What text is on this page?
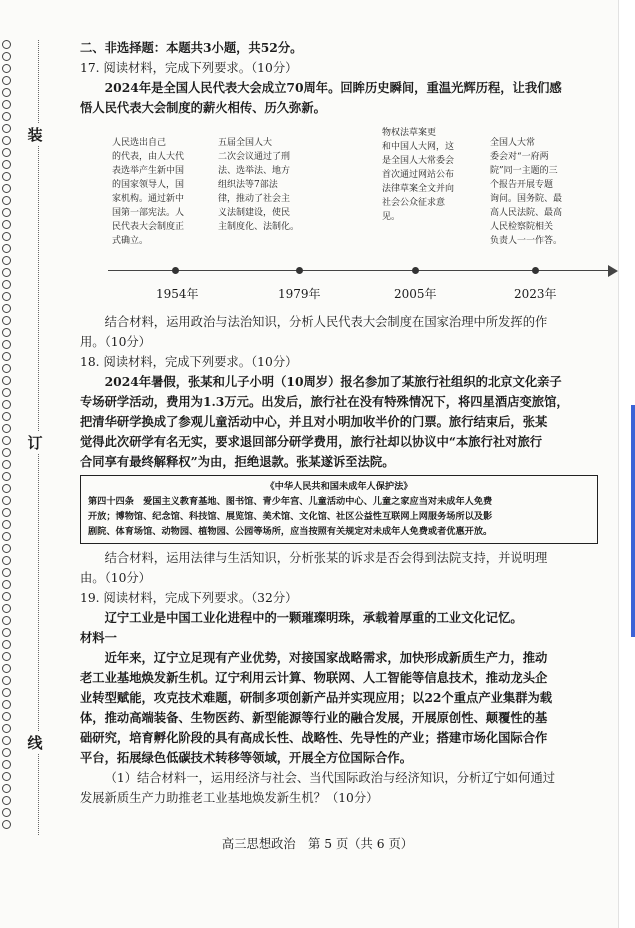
装
订
线
二、非选择题：本题共3小题，共52分。
17. 阅读材料，完成下列要求。（10分）
2024年是全国人民代表大会成立70周年。回眸历史瞬间，重温光辉历程，让我们感
悟人民代表大会制度的薪火相传、历久弥新。
人民选出自己
的代表，由人大代
表选举产生新中国
的国家领导人，国
家机构。通过新中
国第一部宪法。人
民代表大会制度正
式确立。
五届全国人大
二次会议通过了刑
法、选举法、地方
组织法等7部法
律，推动了社会主
义法制建设，使民
主制度化、法制化。
物权法草案更
和中国人大网，这
是全国人大常委会
首次通过网站公布
法律草案全文并向
社会公众征求意
见。
全国人大常
委会对“一府两
院”同一主题的三
个报告开展专题
询问。国务院、最
高人民法院、最高
人民检察院相关
负责人一一作答。
1954年	1979年	2005年	2023年
结合材料，运用政治与法治知识，分析人民代表大会制度在国家治理中所发挥的作
用。（10分）
18. 阅读材料，完成下列要求。（10分）
2024年暑假，张某和儿子小明（10周岁）报名参加了某旅行社组织的北京文化亲子
专场研学活动，费用为1.3万元。出发后，旅行社在没有特殊情况下，将四星酒店变旅馆，
把清华研学换成了参观儿童活动中心，并且对小明加收半价的门票。旅行结束后，张某
觉得此次研学有名无实，要求退回部分研学费用，旅行社却以协议中“本旅行社对旅行
合同享有最终解释权”为由，拒绝退款。张某遂诉至法院。
《中华人民共和国未成年人保护法》
第四十四条　爱国主义教育基地、图书馆、青少年宫、儿童活动中心、儿童之家应当对未成年人免费
开放；博物馆、纪念馆、科技馆、展览馆、美术馆、文化馆、社区公益性互联网上网服务场所以及影
剧院、体育场馆、动物园、植物园、公园等场所，应当按照有关规定对未成年人免费或者优惠开放。
结合材料，运用法律与生活知识，分析张某的诉求是否会得到法院支持，并说明理
由。（10分）
19. 阅读材料，完成下列要求。（32分）
辽宁工业是中国工业化进程中的一颗璀璨明珠，承载着厚重的工业文化记忆。
材料一
近年来，辽宁立足现有产业优势，对接国家战略需求，加快形成新质生产力，推动
老工业基地焕发新生机。辽宁利用云计算、物联网、人工智能等信息技术，推动龙头企
业转型赋能，攻克技术难题，研制多项创新产品并实现应用；以22个重点产业集群为载
体，推动高端装备、生物医药、新型能源等行业的融合发展，开展原创性、颠覆性的基
础研究，培育孵化阶段的具有高成长性、战略性、先导性的产业；搭建市场化国际合作
平台，拓展绿色低碳技术转移等领域，开展全方位国际合作。
（1）结合材料一，运用经济与社会、当代国际政治与经济知识，分析辽宁如何通过
发展新质生产力助推老工业基地焕发新生机？（10分）
高三思想政治　第 5 页（共 6 页）
